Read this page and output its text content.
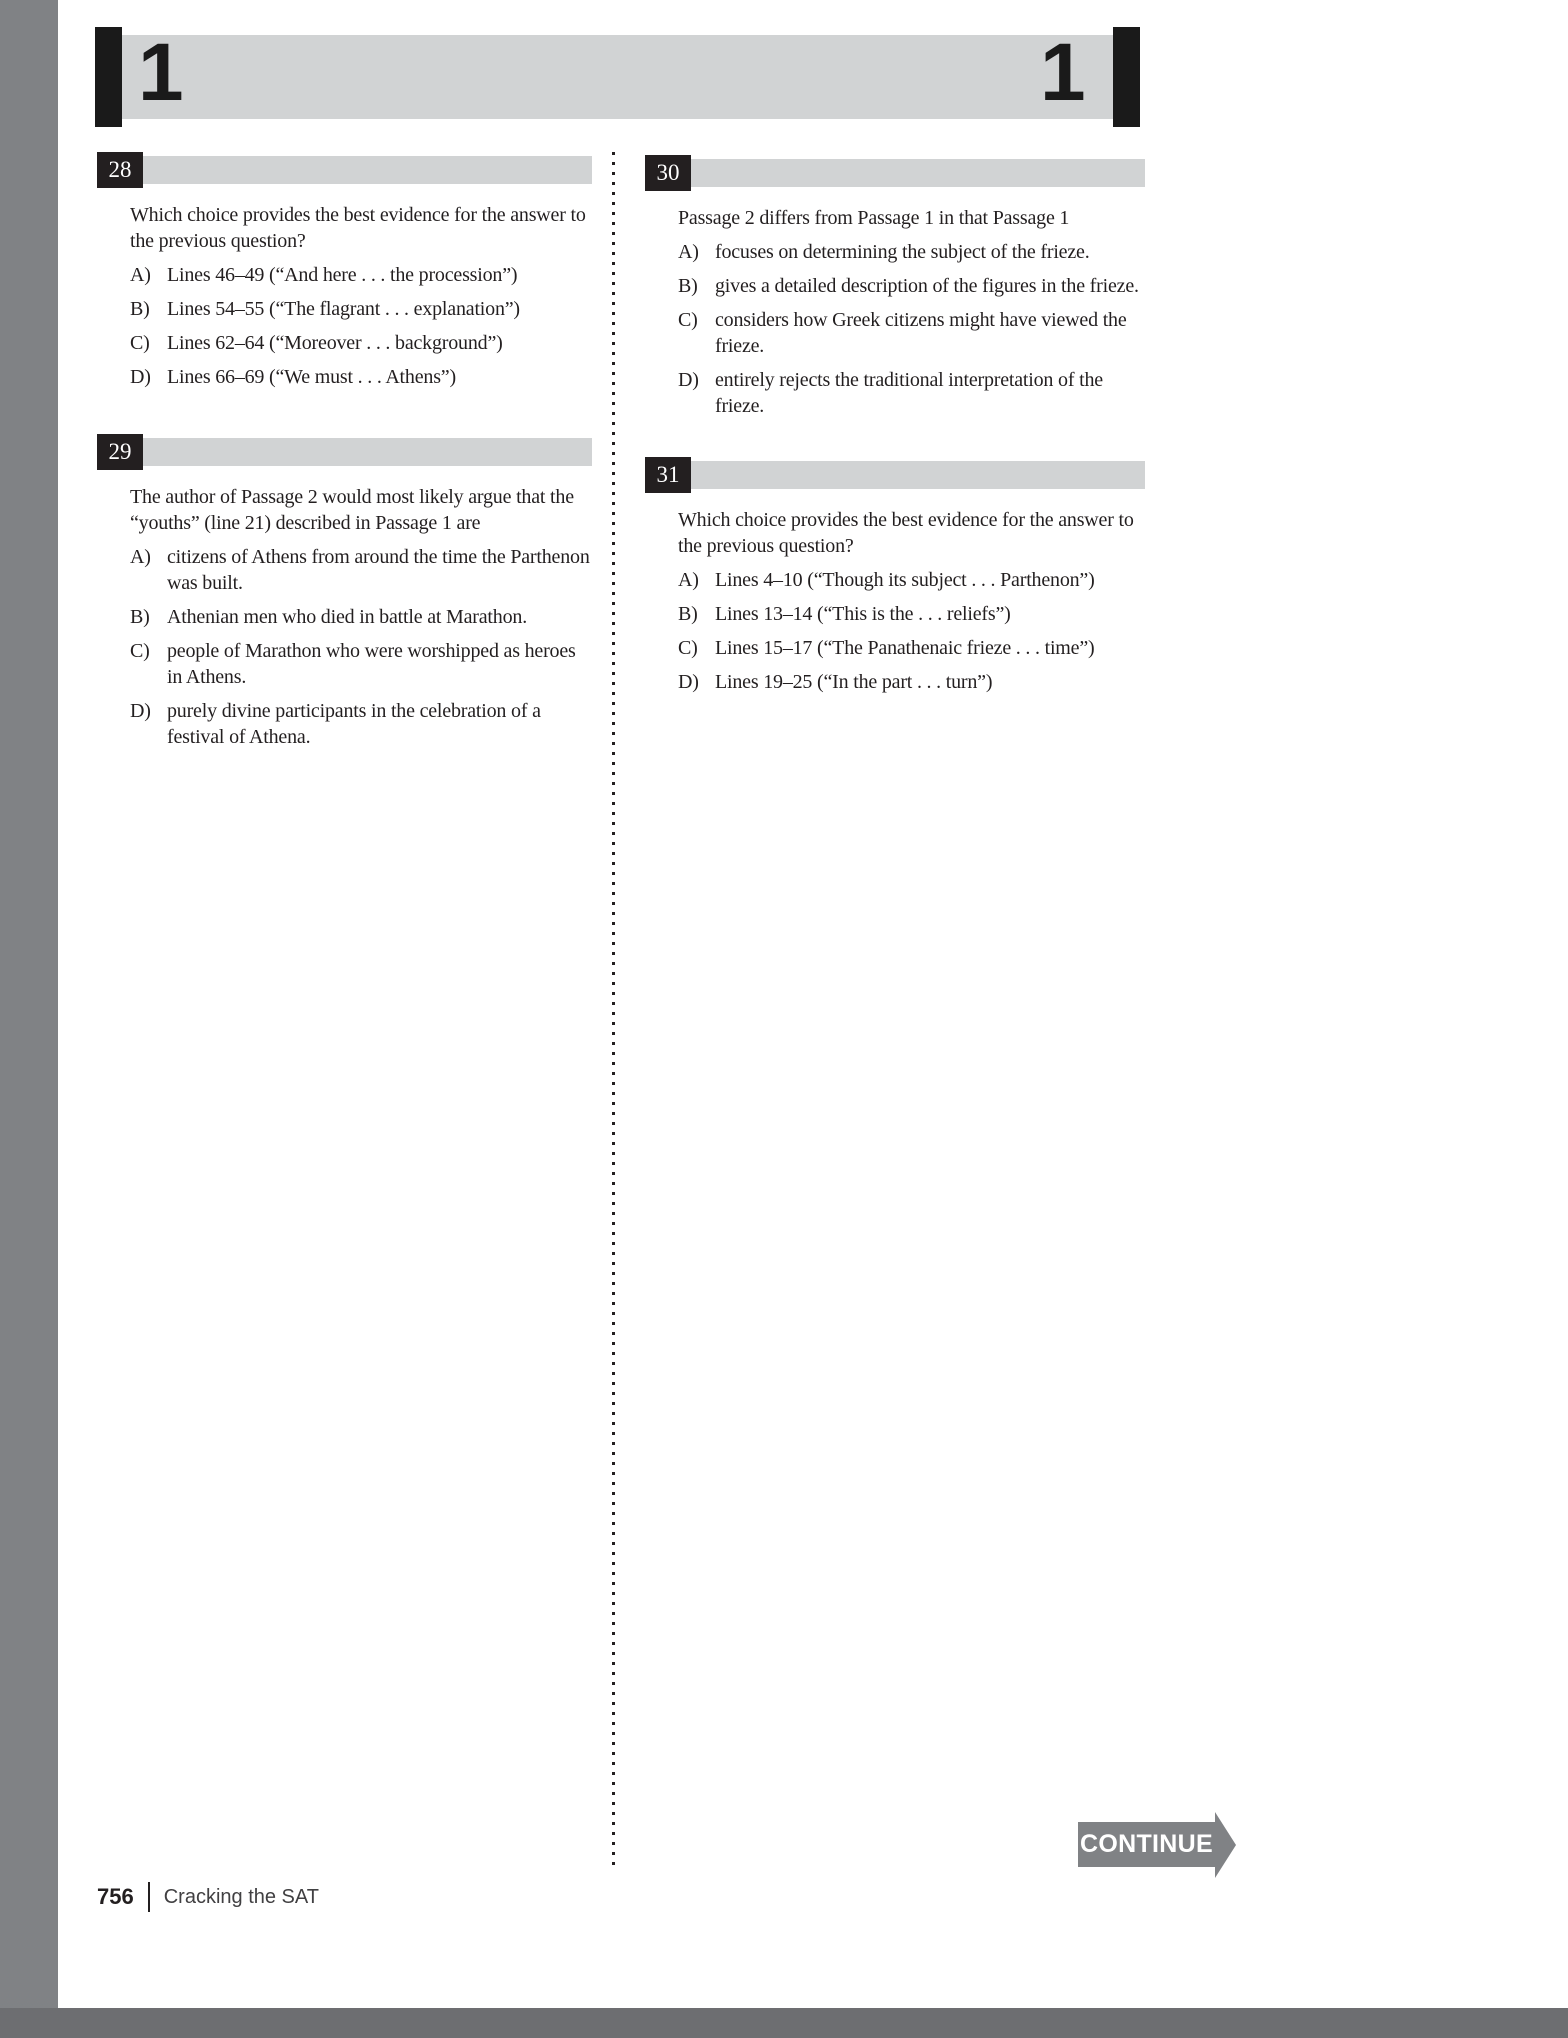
1	1
28

Which choice provides the best evidence for the answer to the previous question?

A) Lines 46–49 (“And here . . . the procession”)
B) Lines 54–55 (“The flagrant . . . explanation”)
C) Lines 62–64 (“Moreover . . . background”)
D) Lines 66–69 (“We must . . . Athens”)
29

The author of Passage 2 would most likely argue that the “youths” (line 21) described in Passage 1 are

A) citizens of Athens from around the time the Parthenon was built.
B) Athenian men who died in battle at Marathon.
C) people of Marathon who were worshipped as heroes in Athens.
D) purely divine participants in the celebration of a festival of Athena.
30

Passage 2 differs from Passage 1 in that Passage 1

A) focuses on determining the subject of the frieze.
B) gives a detailed description of the figures in the frieze.
C) considers how Greek citizens might have viewed the frieze.
D) entirely rejects the traditional interpretation of the frieze.
31

Which choice provides the best evidence for the answer to the previous question?

A) Lines 4–10 (“Though its subject . . . Parthenon”)
B) Lines 13–14 (“This is the . . . reliefs”)
C) Lines 15–17 (“The Panathenaic frieze . . . time”)
D) Lines 19–25 (“In the part . . . turn”)
CONTINUE
756 Cracking the SAT
